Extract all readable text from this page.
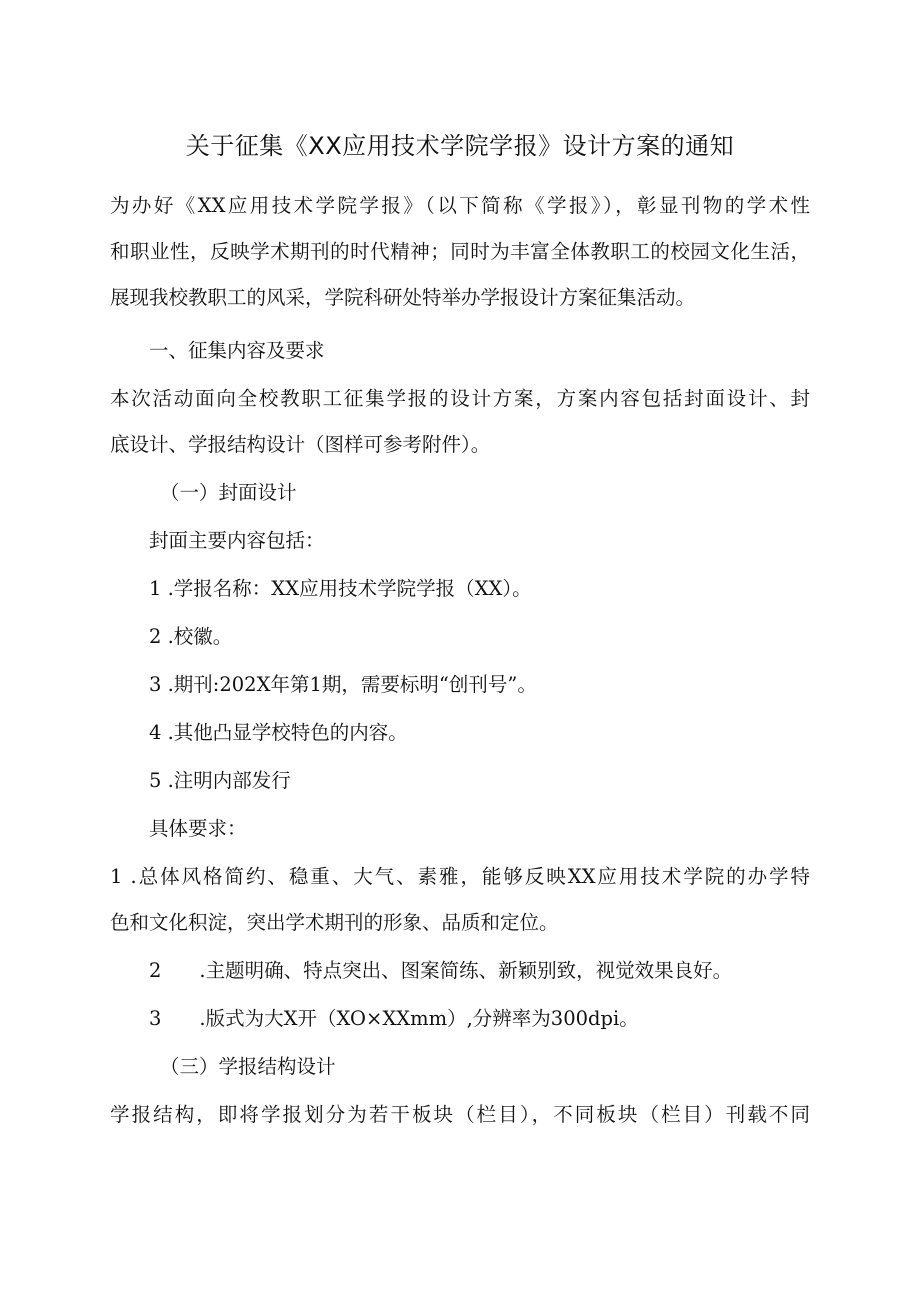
关于征集《XX应用技术学院学报》设计方案的通知
为办好《XX应用技术学院学报》（以下简称《学报》），彰显刊物的学术性
和职业性，反映学术期刊的时代精神；同时为丰富全体教职工的校园文化生活，
展现我校教职工的风采，学院科研处特举办学报设计方案征集活动。
一、征集内容及要求
本次活动面向全校教职工征集学报的设计方案，方案内容包括封面设计、封
底设计、学报结构设计（图样可参考附件）。
（一）封面设计
封面主要内容包括：
1 .学报名称：XX应用技术学院学报（XX）。
2 .校徽。
3 .期刊:202X年第1期，需要标明“创刊号”。
4 .其他凸显学校特色的内容。
5 .注明内部发行
具体要求：
1 .总体风格简约、稳重、大气、素雅，能够反映XX应用技术学院的办学特
色和文化积淀，突出学术期刊的形象、品质和定位。
2 .主题明确、特点突出、图案简练、新颖别致，视觉效果良好。
3 .版式为大X开（XO×XXmm）,分辨率为300dpi。
（三）学报结构设计
学报结构，即将学报划分为若干板块（栏目），不同板块（栏目）刊载不同
